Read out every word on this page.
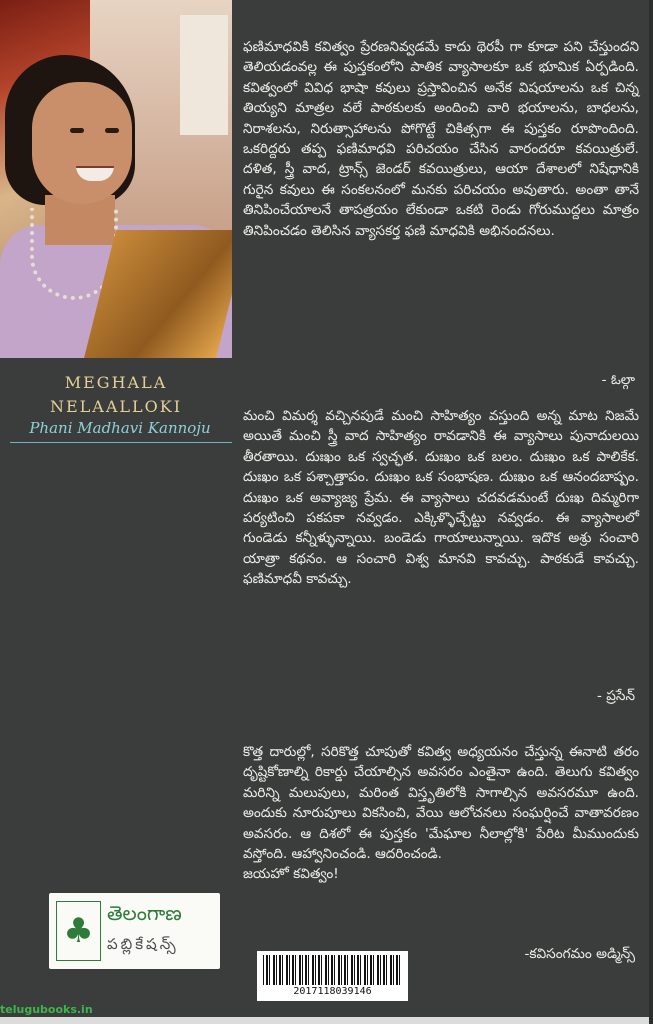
MEGHALA
NELAALLOKI
Phani Madhavi Kannoju

ఫణిమాధవికి కవిత్వం ప్రేరణనివ్వడమే కాదు థెరపీ గా కూడా పని చేస్తుందని తెలియడంవల్ల ఈ పుస్తకంలోని పాతిక వ్యాసాలకూ ఒక భూమిక ఏర్పడింది. కవిత్వంలో వివిధ భాషా కవులు ప్రస్తావించిన అనేక విషయాలను ఒక చిన్న తియ్యని మాత్రల వలే పాఠకులకు అందించి వారి భయాలను, బాధలను, నిరాశలను, నిరుత్సాహాలను పోగొట్టే చికిత్సగా ఈ పుస్తకం రూపొందింది. ఒకరిద్దరు తప్ప ఫణిమాధవి పరిచయం చేసిన వారందరూ కవయిత్రులే. దళిత, స్త్రీ వాద, ట్రాన్స్ జెండర్ కవయిత్రులు, ఆయా దేశాలలో నిషేధానికి గురైన కవులు ఈ సంకలనంలో మనకు పరిచయం అవుతారు. అంతా తానే తినిపించేయాలనే తాపత్రయం లేకుండా ఒకటి రెండు గోరుముద్దలు మాత్రం తినిపించడం తెలిసిన వ్యాసకర్త ఫణి మాధవికి అభినందనలు.

- ఓల్గా

మంచి విమర్శ వచ్చినపుడే మంచి సాహిత్యం వస్తుంది అన్న మాట నిజమే అయితే మంచి స్త్రీ వాద సాహిత్యం రావడానికి ఈ వ్యాసాలు పునాదులయి తీరతాయి. దుఃఖం ఒక స్వచ్ఛత. దుఃఖం ఒక బలం. దుఃఖం ఒక పాలికేక. దుఃఖం ఒక పశ్చాత్తాపం. దుఃఖం ఒక సంభాషణ. దుఃఖం ఒక ఆనందబాష్పం. దుఃఖం ఒక అవ్యాజ్య ప్రేమ. ఈ వ్యాసాలు చదవడమంటే దుఃఖ దిమ్మరిగా పర్యటించి పకపకా నవ్వడం. ఎక్కిళ్ళొచ్చేట్టు నవ్వడం. ఈ వ్యాసాలలో గుండెడు కన్నీళ్ళున్నాయి. బండెడు గాయాలున్నాయి. ఇదొక అశ్రు సంచారి యాత్రా కథనం. ఆ సంచారి విశ్వ మానవి కావచ్చు. పాఠకుడే కావచ్చు. ఫణిమాధవీ కావచ్చు.

- ప్రసేన్

కొత్త దారుల్లో, సరికొత్త చూపుతో కవిత్వ అధ్యయనం చేస్తున్న ఈనాటి తరం దృష్టికోణాల్ని రికార్డు చేయాల్సిన అవసరం ఎంతైనా ఉంది. తెలుగు కవిత్వం మరిన్ని మలుపులు, మరింత విస్తృతిలోకి సాగాల్సిన అవసరమూ ఉంది. అందుకు నూరుపూలు వికసించి, వేయి ఆలోచనలు సంఘర్షించే వాతావరణం అవసరం. ఆ దిశలో ఈ పుస్తకం 'మేఘాల నీలాల్లోకి' పేరిట మీముందుకు వస్తోంది. ఆహ్వానించండి. ఆదరించండి.
జయహో కవిత్వం!

-కవిసంగమం అడ్మిన్స్
♣ తెలంగాణ
పబ్లికేషన్స్
2017118039146
telugubooks.in
